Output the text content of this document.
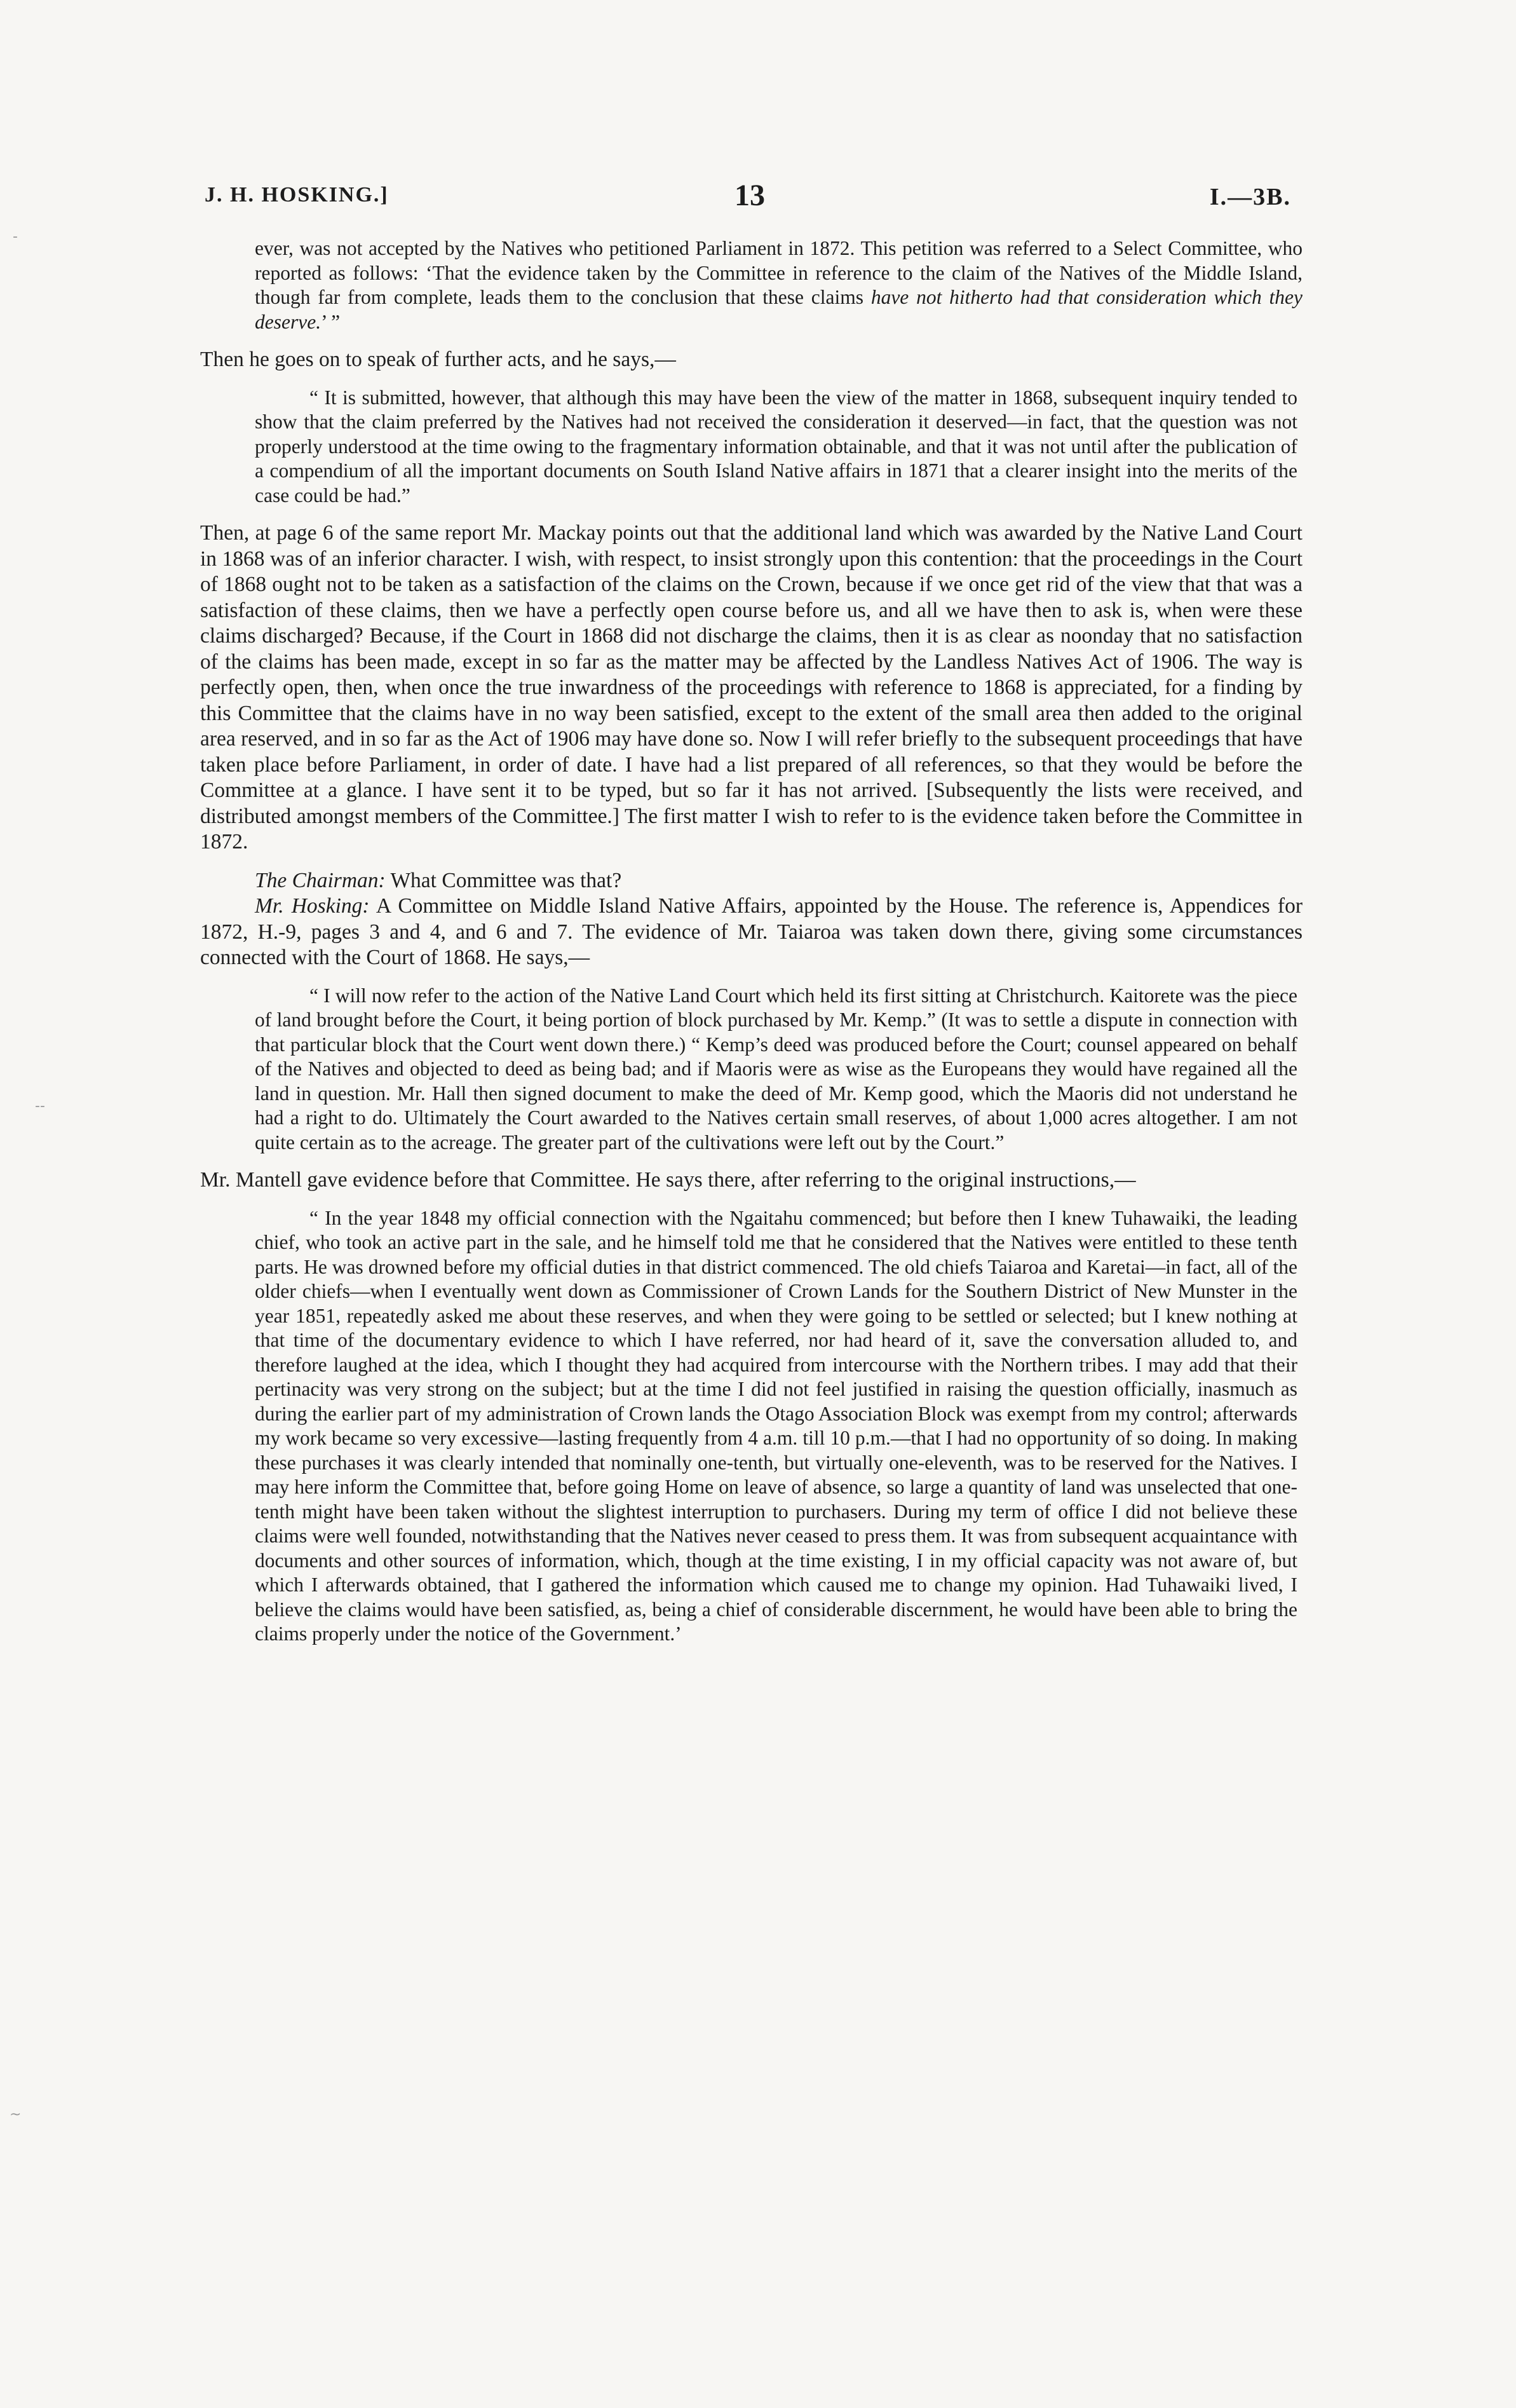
J. H. HOSKING.]	13	I.—3B.

ever, was not accepted by the Natives who petitioned Parliament in 1872. This petition was referred to a Select Committee, who reported as follows: ‘That the evidence taken by the Committee in reference to the claim of the Natives of the Middle Island, though far from complete, leads them to the conclusion that these claims have not hitherto had that consideration which they deserve.’ ”

Then he goes on to speak of further acts, and he says,—

“ It is submitted, however, that although this may have been the view of the matter in 1868, subsequent inquiry tended to show that the claim preferred by the Natives had not received the consideration it deserved—in fact, that the question was not properly understood at the time owing to the fragmentary information obtainable, and that it was not until after the publication of a compendium of all the important documents on South Island Native affairs in 1871 that a clearer insight into the merits of the case could be had.”

Then, at page 6 of the same report Mr. Mackay points out that the additional land which was awarded by the Native Land Court in 1868 was of an inferior character. I wish, with respect, to insist strongly upon this contention: that the proceedings in the Court of 1868 ought not to be taken as a satisfaction of the claims on the Crown, because if we once get rid of the view that that was a satisfaction of these claims, then we have a perfectly open course before us, and all we have then to ask is, when were these claims discharged? Because, if the Court in 1868 did not discharge the claims, then it is as clear as noonday that no satisfaction of the claims has been made, except in so far as the matter may be affected by the Landless Natives Act of 1906. The way is perfectly open, then, when once the true inwardness of the proceedings with reference to 1868 is appreciated, for a finding by this Committee that the claims have in no way been satisfied, except to the extent of the small area then added to the original area reserved, and in so far as the Act of 1906 may have done so. Now I will refer briefly to the subsequent proceedings that have taken place before Parliament, in order of date. I have had a list prepared of all references, so that they would be before the Committee at a glance. I have sent it to be typed, but so far it has not arrived. [Subsequently the lists were received, and distributed amongst members of the Committee.] The first matter I wish to refer to is the evidence taken before the Committee in 1872.

The Chairman: What Committee was that?

Mr. Hosking: A Committee on Middle Island Native Affairs, appointed by the House. The reference is, Appendices for 1872, H.-9, pages 3 and 4, and 6 and 7. The evidence of Mr. Taiaroa was taken down there, giving some circumstances connected with the Court of 1868. He says,—

“ I will now refer to the action of the Native Land Court which held its first sitting at Christchurch. Kaitorete was the piece of land brought before the Court, it being portion of block purchased by Mr. Kemp.” (It was to settle a dispute in connection with that particular block that the Court went down there.) “ Kemp’s deed was produced before the Court; counsel appeared on behalf of the Natives and objected to deed as being bad; and if Maoris were as wise as the Europeans they would have regained all the land in question. Mr. Hall then signed document to make the deed of Mr. Kemp good, which the Maoris did not understand he had a right to do. Ultimately the Court awarded to the Natives certain small reserves, of about 1,000 acres altogether. I am not quite certain as to the acreage. The greater part of the cultivations were left out by the Court.”

Mr. Mantell gave evidence before that Committee. He says there, after referring to the original instructions,—

“ In the year 1848 my official connection with the Ngaitahu commenced; but before then I knew Tuhawaiki, the leading chief, who took an active part in the sale, and he himself told me that he considered that the Natives were entitled to these tenth parts. He was drowned before my official duties in that district commenced. The old chiefs Taiaroa and Karetai—in fact, all of the older chiefs—when I eventually went down as Commissioner of Crown Lands for the Southern District of New Munster in the year 1851, repeatedly asked me about these reserves, and when they were going to be settled or selected; but I knew nothing at that time of the documentary evidence to which I have referred, nor had heard of it, save the conversation alluded to, and therefore laughed at the idea, which I thought they had acquired from intercourse with the Northern tribes. I may add that their pertinacity was very strong on the subject; but at the time I did not feel justified in raising the question officially, inasmuch as during the earlier part of my administration of Crown lands the Otago Association Block was exempt from my control; afterwards my work became so very excessive—lasting frequently from 4 a.m. till 10 p.m.—that I had no opportunity of so doing. In making these purchases it was clearly intended that nominally one-tenth, but virtually one-eleventh, was to be reserved for the Natives. I may here inform the Committee that, before going Home on leave of absence, so large a quantity of land was unselected that one-tenth might have been taken without the slightest interruption to purchasers. During my term of office I did not believe these claims were well founded, notwithstanding that the Natives never ceased to press them. It was from subsequent acquaintance with documents and other sources of information, which, though at the time existing, I in my official capacity was not aware of, but which I afterwards obtained, that I gathered the information which caused me to change my opinion. Had Tuhawaiki lived, I believe the claims would have been satisfied, as, being a chief of considerable discernment, he would have been able to bring the claims properly under the notice of the Government.’

-
--
~
